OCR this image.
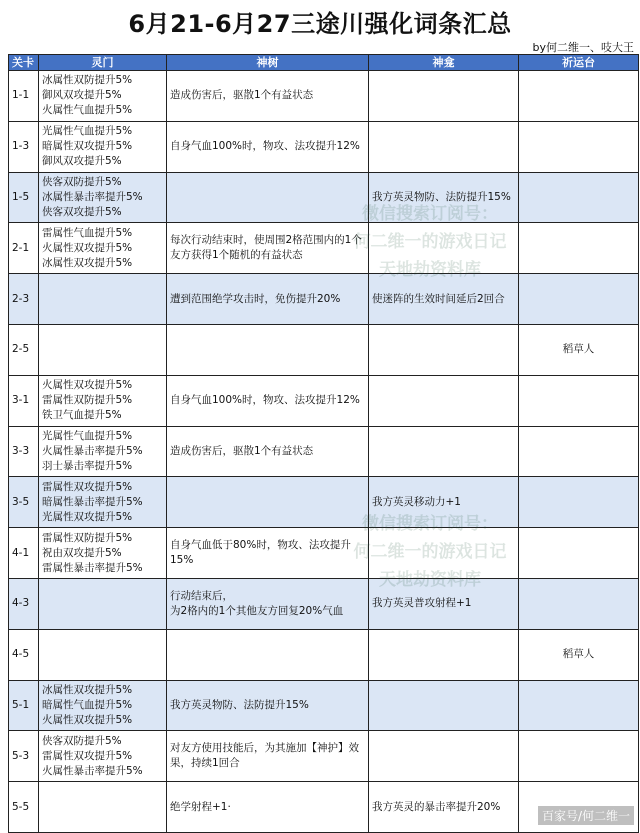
6月21-6月27三途川强化词条汇总
by何二维一、吱大王
关卡	灵门	神树	神龛	祈运台
1-1	冰属性双防提升5%
御风双攻提升5%
火属性气血提升5%	造成伤害后，驱散1个有益状态		
1-3	光属性气血提升5%
暗属性双攻提升5%
御风双攻提升5%	自身气血100%时，物攻、法攻提升12%		
1-5	侠客双防提升5%
冰属性暴击率提升5%
侠客双攻提升5%		我方英灵物防、法防提升15%	
2-1	雷属性气血提升5%
火属性双攻提升5%
冰属性双攻提升5%	每次行动结束时，使周围2格范围内的1个友方获得1个随机的有益状态		
2-3		遭到范围绝学攻击时，免伤提升20%	使迷阵的生效时间延后2回合	
2-5				稻草人
3-1	火属性双攻提升5%
雷属性双防提升5%
铁卫气血提升5%	自身气血100%时，物攻、法攻提升12%		
3-3	光属性气血提升5%
火属性暴击率提升5%
羽士暴击率提升5%	造成伤害后，驱散1个有益状态		
3-5	雷属性双攻提升5%
暗属性暴击率提升5%
光属性双攻提升5%		我方英灵移动力+1	
4-1	雷属性双防提升5%
祝由双攻提升5%
雷属性暴击率提升5%	自身气血低于80%时，物攻、法攻提升15%		
4-3		行动结束后，
为2格内的1个其他友方回复20%气血	我方英灵普攻射程+1	
4-5				稻草人
5-1	冰属性双攻提升5%
暗属性气血提升5%
火属性双攻提升5%	我方英灵物防、法防提升15%		
5-3	侠客双防提升5%
雷属性双攻提升5%
火属性暴击率提升5%	对友方使用技能后，为其施加【神护】效果，持续1回合		
5-5		绝学射程+1·	我方英灵的暴击率提升20%	
何二维一的游戏日记
天地劫资料库
何二维一的游戏日记
百家号/何二维一
